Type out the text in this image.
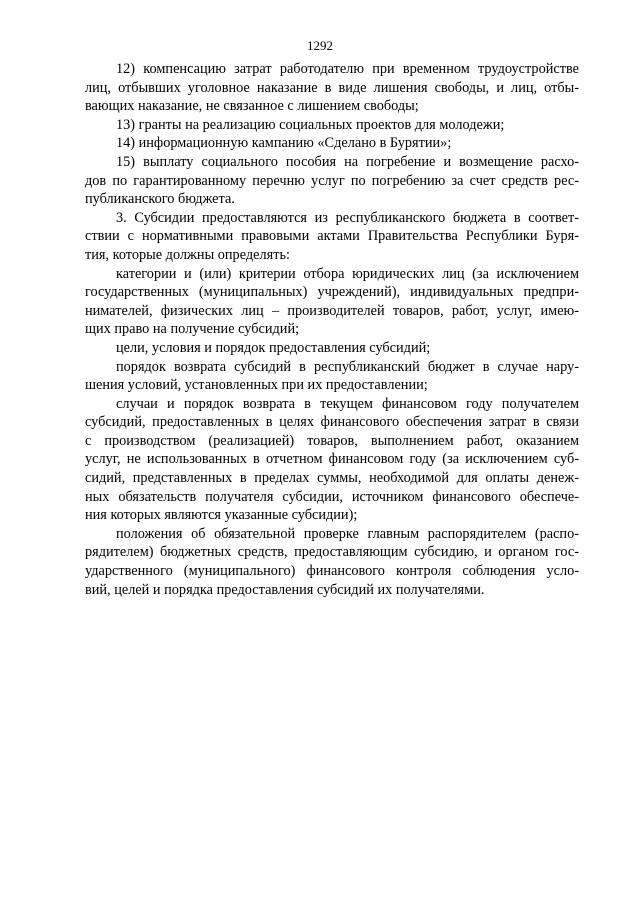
1292
12) компенсацию затрат работодателю при временном трудоустройстве
лиц, отбывших уголовное наказание в виде лишения свободы, и лиц, отбы-
вающих наказание, не связанное с лишением свободы;
13) гранты на реализацию социальных проектов для молодежи;
14) информационную кампанию «Сделано в Бурятии»;
15) выплату социального пособия на погребение и возмещение расхо-
дов по гарантированному перечню услуг по погребению за счет средств рес-
публиканского бюджета.
3. Субсидии предоставляются из республиканского бюджета в соответ-
ствии с нормативными правовыми актами Правительства Республики Буря-
тия, которые должны определять:
категории и (или) критерии отбора юридических лиц (за исключением
государственных (муниципальных) учреждений), индивидуальных предпри-
нимателей, физических лиц – производителей товаров, работ, услуг, имею-
щих право на получение субсидий;
цели, условия и порядок предоставления субсидий;
порядок возврата субсидий в республиканский бюджет в случае нару-
шения условий, установленных при их предоставлении;
случаи и порядок возврата в текущем финансовом году получателем
субсидий, предоставленных в целях финансового обеспечения затрат в связи
с производством (реализацией) товаров, выполнением работ, оказанием
услуг, не использованных в отчетном финансовом году (за исключением суб-
сидий, представленных в пределах суммы, необходимой для оплаты денеж-
ных обязательств получателя субсидии, источником финансового обеспече-
ния которых являются указанные субсидии);
положения об обязательной проверке главным распорядителем (распо-
рядителем) бюджетных средств, предоставляющим субсидию, и органом гос-
ударственного (муниципального) финансового контроля соблюдения усло-
вий, целей и порядка предоставления субсидий их получателями.
